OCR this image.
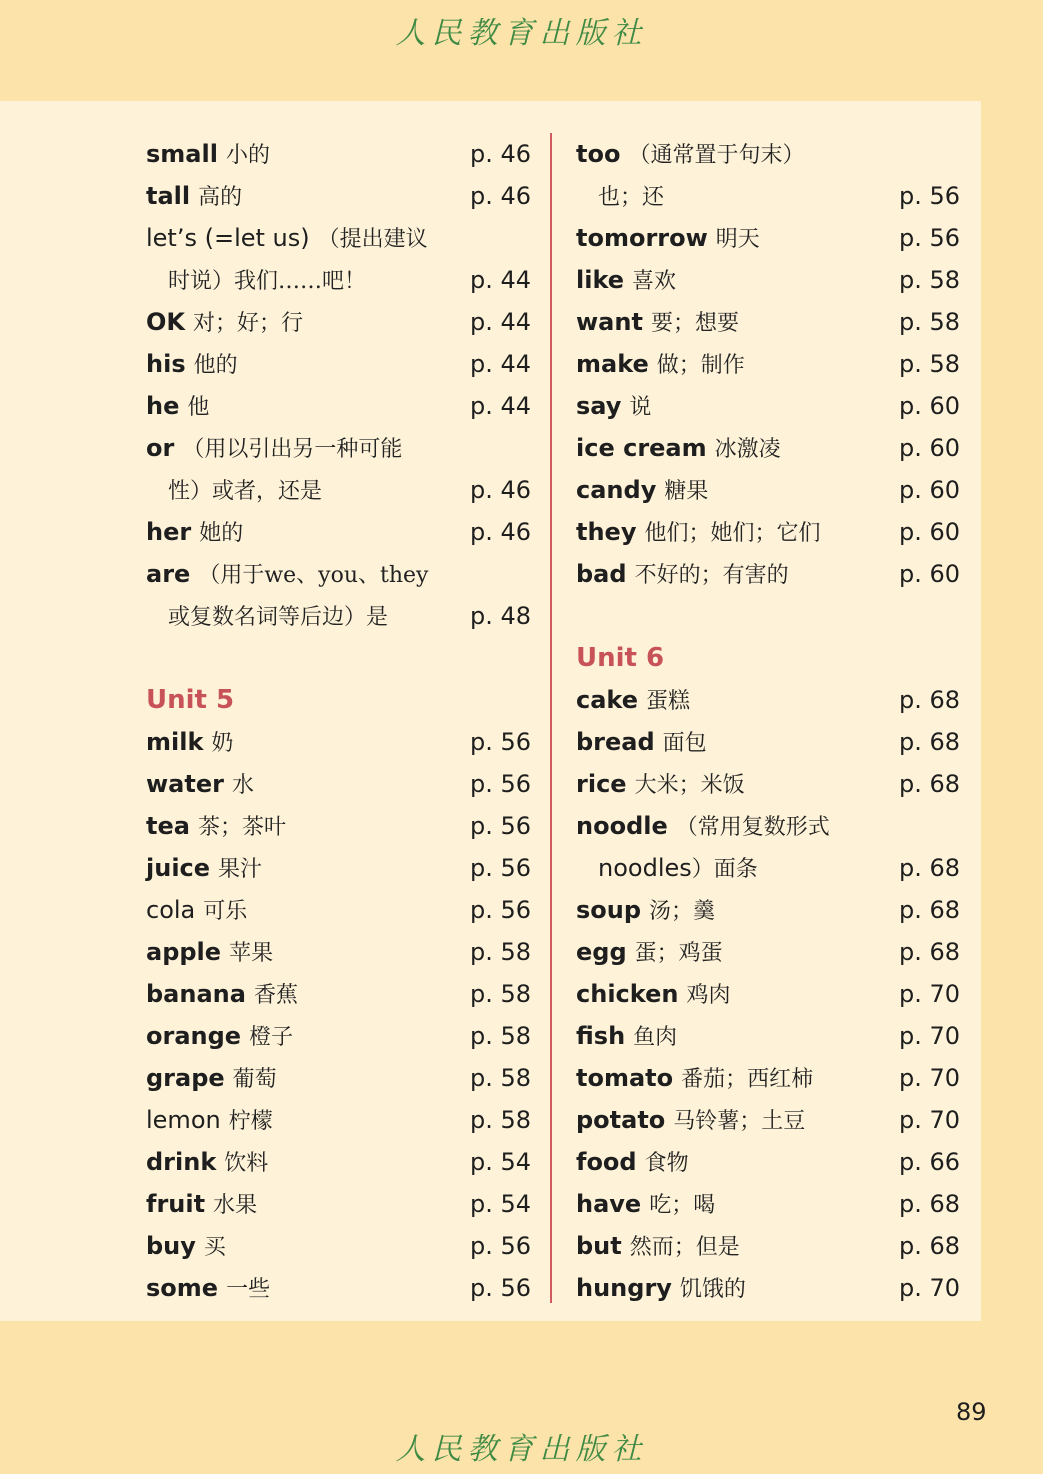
人民教育出版社
small 小的	p. 46
tall 高的	p. 46
let’s (=let us) （提出建议
时说）我们……吧！	p. 44
OK 对；好；行	p. 44
his 他的	p. 44
he 他	p. 44
or （用以引出另一种可能
性）或者，还是	p. 46
her 她的	p. 46
are （用于we、you、they
或复数名词等后边）是	p. 48
Unit 5
milk 奶	p. 56
water 水	p. 56
tea 茶；茶叶	p. 56
juice 果汁	p. 56
cola 可乐	p. 56
apple 苹果	p. 58
banana 香蕉	p. 58
orange 橙子	p. 58
grape 葡萄	p. 58
lemon 柠檬	p. 58
drink 饮料	p. 54
fruit 水果	p. 54
buy 买	p. 56
some 一些	p. 56
too （通常置于句末）
也；还	p. 56
tomorrow 明天	p. 56
like 喜欢	p. 58
want 要；想要	p. 58
make 做；制作	p. 58
say 说	p. 60
ice cream 冰激凌	p. 60
candy 糖果	p. 60
they 他们；她们；它们	p. 60
bad 不好的；有害的	p. 60
Unit 6
cake 蛋糕	p. 68
bread 面包	p. 68
rice 大米；米饭	p. 68
noodle （常用复数形式
noodles）面条	p. 68
soup 汤；羹	p. 68
egg 蛋；鸡蛋	p. 68
chicken 鸡肉	p. 70
fish 鱼肉	p. 70
tomato 番茄；西红柿	p. 70
potato 马铃薯；土豆	p. 70
food 食物	p. 66
have 吃；喝	p. 68
but 然而；但是	p. 68
hungry 饥饿的	p. 70
89
人民教育出版社
